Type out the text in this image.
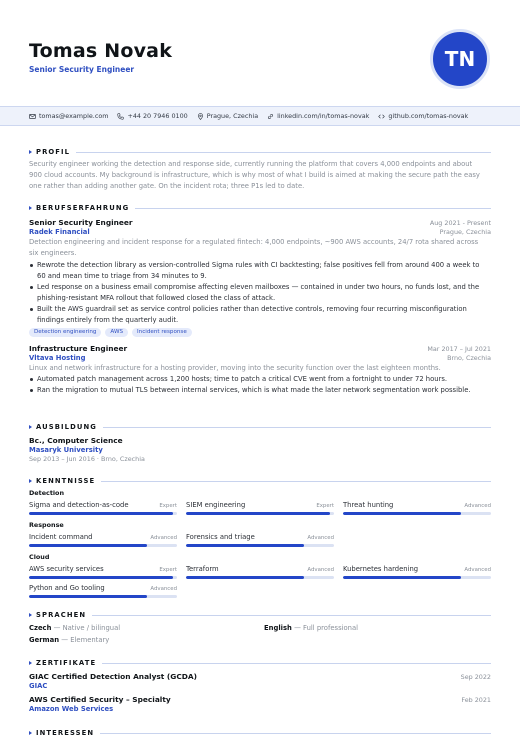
Tomas Novak
Senior Security Engineer	TN
tomas@example.com	+44 20 7946 0100	Prague, Czechia	linkedin.com/in/tomas-novak	github.com/tomas-novak
PROFIL
Security engineer working the detection and response side, currently running the platform that covers 4,000 endpoints and about
900 cloud accounts. My background is infrastructure, which is why most of what I build is aimed at making the secure path the easy
one rather than adding another gate. On the incident rota; three P1s led to date.
BERUFSERFAHRUNG
Senior Security Engineer	Aug 2021 - Present
Radek Financial	Prague, Czechia
Detection engineering and incident response for a regulated fintech: 4,000 endpoints, ~900 AWS accounts, 24/7 rota shared across
six engineers.
Rewrote the detection library as version-controlled Sigma rules with CI backtesting; false positives fell from around 400 a week to
60 and mean time to triage from 34 minutes to 9.
Led response on a business email compromise affecting eleven mailboxes — contained in under two hours, no funds lost, and the
phishing-resistant MFA rollout that followed closed the class of attack.
Built the AWS guardrail set as service control policies rather than detective controls, removing four recurring misconfiguration
findings entirely from the quarterly audit.
Detection engineering	AWS	Incident response
Infrastructure Engineer	Mar 2017 – Jul 2021
Vltava Hosting	Brno, Czechia
Linux and network infrastructure for a hosting provider, moving into the security function over the last eighteen months.
Automated patch management across 1,200 hosts; time to patch a critical CVE went from a fortnight to under 72 hours.
Ran the migration to mutual TLS between internal services, which is what made the later network segmentation work possible.
AUSBILDUNG
Bc., Computer Science
Masaryk University
Sep 2013 – Jun 2016 · Brno, Czechia
KENNTNISSE
Detection
Sigma and detection-as-code	Expert SIEM engineering	Expert Threat hunting	Advanced
Response
Incident command	Advanced Forensics and triage	Advanced
Cloud
AWS security services	Expert Terraform	Advanced Kubernetes hardening	Advanced
Python and Go tooling	Advanced
SPRACHEN
Czech — Native / bilingual	English — Full professional
German — Elementary
ZERTIFIKATE
GIAC Certified Detection Analyst (GCDA)	Sep 2022
GIAC
AWS Certified Security – Specialty	Feb 2021
Amazon Web Services
INTERESSEN
